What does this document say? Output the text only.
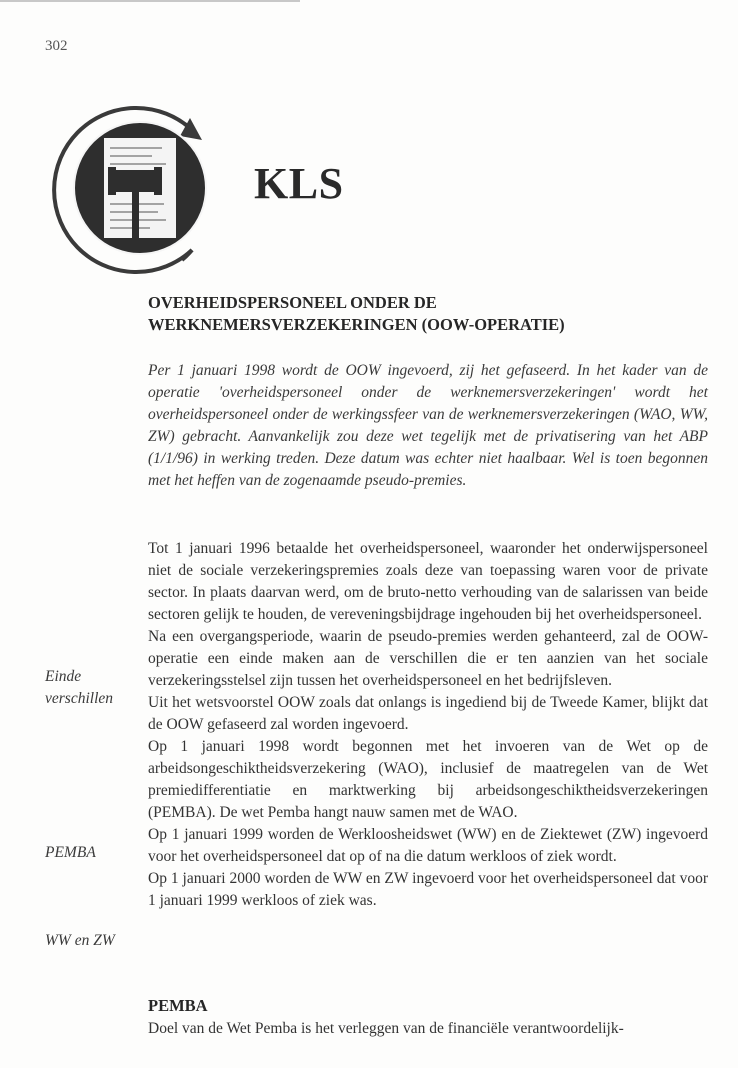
302
KLS
OVERHEIDSPERSONEEL ONDER DE WERKNEMERSVERZEKERINGEN (OOW-OPERATIE)
Per 1 januari 1998 wordt de OOW ingevoerd, zij het gefaseerd. In het kader van de operatie 'overheidspersoneel onder de werknemersverzekeringen' wordt het overheidspersoneel onder de werkingssfeer van de werknemersverzekeringen (WAO, WW, ZW) gebracht. Aanvankelijk zou deze wet tegelijk met de privatisering van het ABP (1/1/96) in werking treden. Deze datum was echter niet haalbaar. Wel is toen begonnen met het heffen van de zogenaamde pseudo-premies.

Tot 1 januari 1996 betaalde het overheidspersoneel, waaronder het onderwijspersoneel niet de sociale verzekeringspremies zoals deze van toepassing waren voor de private sector. In plaats daarvan werd, om de bruto-netto verhouding van de salarissen van beide sectoren gelijk te houden, de vereveningsbijdrage ingehouden bij het overheidspersoneel.

Na een overgangsperiode, waarin de pseudo-premies werden gehanteerd, zal de OOW-operatie een einde maken aan de verschillen die er ten aanzien van het sociale verzekeringsstelsel zijn tussen het overheidspersoneel en het bedrijfsleven.

Uit het wetsvoorstel OOW zoals dat onlangs is ingediend bij de Tweede Kamer, blijkt dat de OOW gefaseerd zal worden ingevoerd.

Op 1 januari 1998 wordt begonnen met het invoeren van de Wet op de arbeidsongeschiktheidsverzekering (WAO), inclusief de maatregelen van de Wet premiedifferentiatie en marktwerking bij arbeidsongeschiktheidsverzekeringen (PEMBA). De wet Pemba hangt nauw samen met de WAO.

Op 1 januari 1999 worden de Werkloosheidswet (WW) en de Ziektewet (ZW) ingevoerd voor het overheidspersoneel dat op of na die datum werkloos of ziek wordt.

Op 1 januari 2000 worden de WW en ZW ingevoerd voor het overheidspersoneel dat voor 1 januari 1999 werkloos of ziek was.

Einde
verschillen
PEMBA
WW en ZW
PEMBA
Doel van de Wet Pemba is het verleggen van de financiële verantwoordelijk-
